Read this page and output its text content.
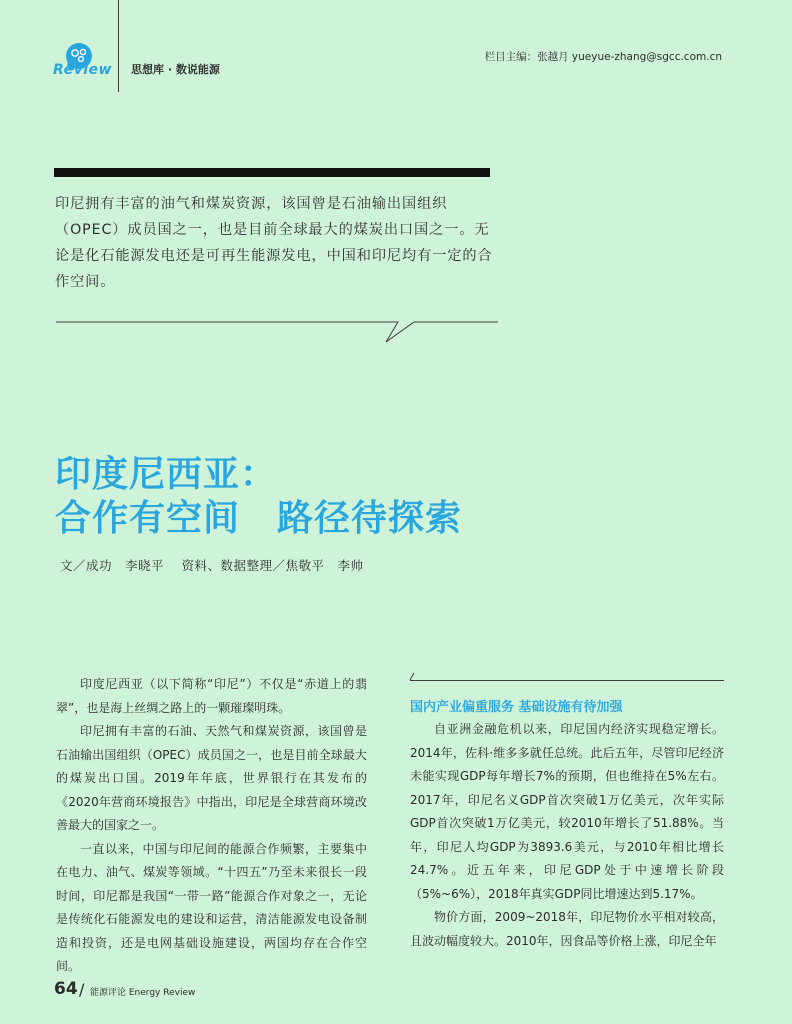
Review 思想库 · 数说能源
栏目主编：张越月 yueyue-zhang@sgcc.com.cn
印尼拥有丰富的油气和煤炭资源，该国曾是石油输出国组织（OPEC）成员国之一，也是目前全球最大的煤炭出口国之一。无论是化石能源发电还是可再生能源发电，中国和印尼均有一定的合作空间。
印度尼西亚：
合作有空间　路径待探索
文／成功　李晓平　 资料、数据整理／焦敬平　李帅

印度尼西亚（以下简称“印尼”）不仅是“赤道上的翡翠”，也是海上丝绸之路上的一颗璀璨明珠。

印尼拥有丰富的石油、天然气和煤炭资源，该国曾是石油输出国组织（OPEC）成员国之一，也是目前全球最大的煤炭出口国。2019年年底，世界银行在其发布的《2020年营商环境报告》中指出，印尼是全球营商环境改善最大的国家之一。

一直以来，中国与印尼间的能源合作频繁，主要集中在电力、油气、煤炭等领域。“十四五”乃至未来很长一段时间，印尼都是我国“一带一路”能源合作对象之一，无论是传统化石能源发电的建设和运营，清洁能源发电设备制造和投资，还是电网基础设施建设，两国均存在合作空间。

国内产业偏重服务 基础设施有待加强

自亚洲金融危机以来，印尼国内经济实现稳定增长。2014年，佐科·维多多就任总统。此后五年，尽管印尼经济未能实现GDP每年增长7%的预期，但也维持在5%左右。2017年，印尼名义GDP首次突破1万亿美元，次年实际GDP首次突破1万亿美元，较2010年增长了51.88%。当年，印尼人均GDP为3893.6美元，与2010年相比增长24.7%。近五年来，印尼GDP处于中速增长阶段（5%~6%），2018年真实GDP同比增速达到5.17%。

物价方面，2009~2018年，印尼物价水平相对较高，且波动幅度较大。2010年，因食品等价格上涨，印尼全年

64 / 能源评论 Energy Review
